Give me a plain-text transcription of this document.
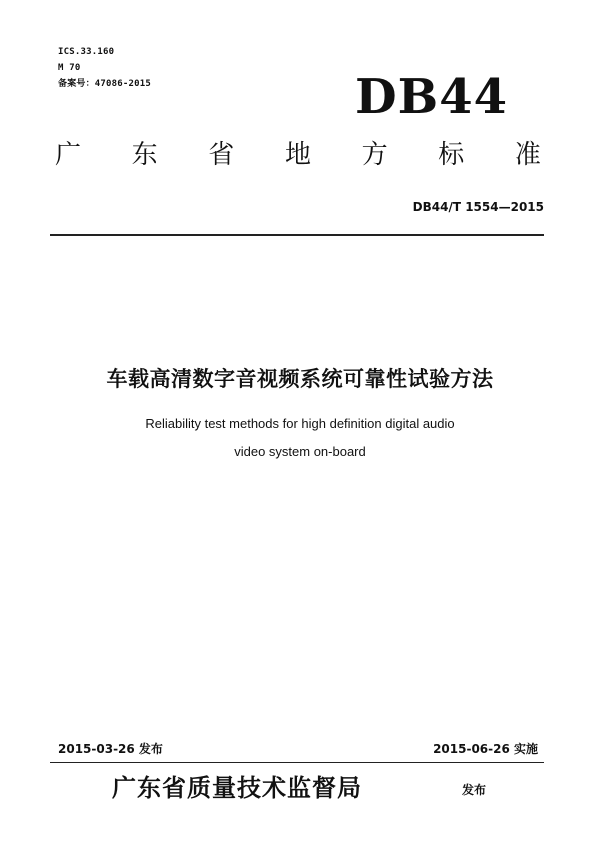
ICS.33.160
M 70
备案号：47086-2015	DB44
广 东 省 地 方 标 准
DB44/T 1554—2015
车载高清数字音视频系统可靠性试验方法
Reliability test methods for high definition digital audio
video system on-board
2015-03-26 发布	2015-06-26 实施
广东省质量技术监督局	发布
